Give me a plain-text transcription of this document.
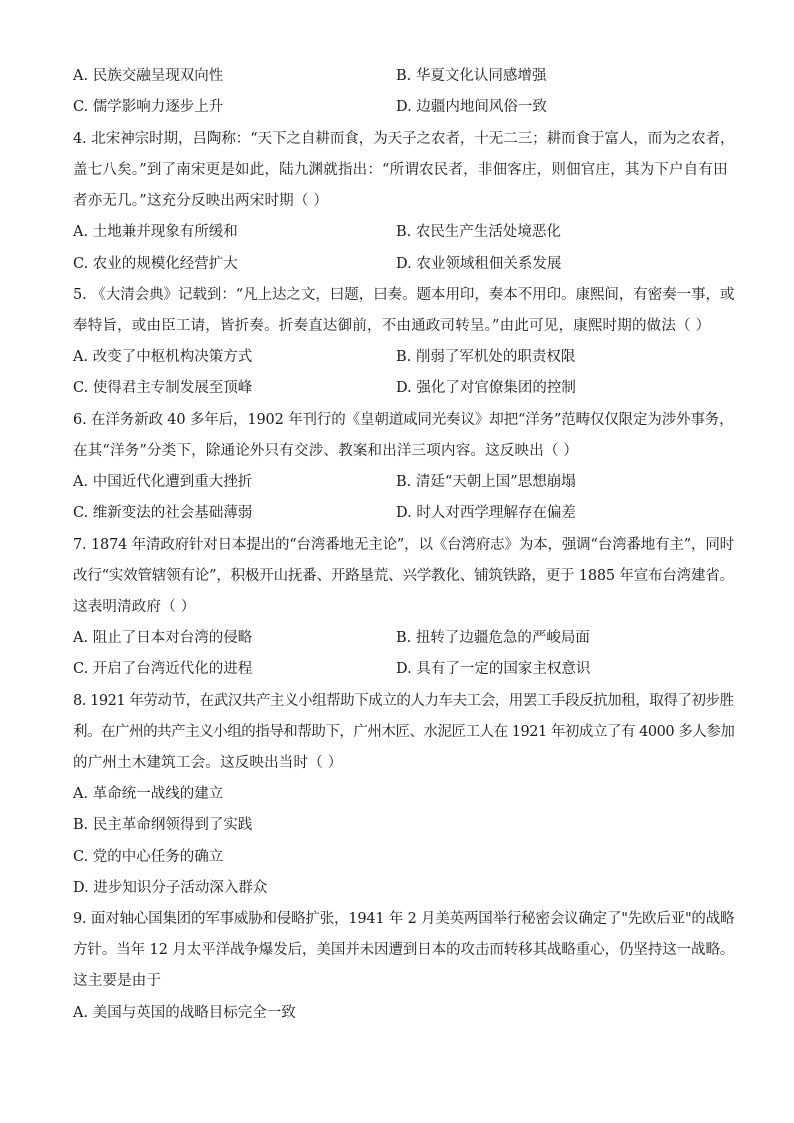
A. 民族交融呈现双向性	B. 华夏文化认同感增强
C. 儒学影响力逐步上升	D. 边疆内地间风俗一致
4. 北宋神宗时期，吕陶称：“天下之自耕而食，为天子之农者，十无二三；耕而食于富人，而为之农者，
盖七八矣。”到了南宋更是如此，陆九渊就指出：“所谓农民者，非佃客庄，则佃官庄，其为下户自有田
者亦无几。”这充分反映出两宋时期（ ）
A. 土地兼并现象有所缓和	B. 农民生产生活处境恶化
C. 农业的规模化经营扩大	D. 农业领域租佃关系发展
5. 《大清会典》记载到：“凡上达之文，曰题，曰奏。题本用印，奏本不用印。康熙间，有密奏一事，或
奉特旨，或由臣工请，皆折奏。折奏直达御前，不由通政司转呈。”由此可见，康熙时期的做法（ ）
A. 改变了中枢机构决策方式	B. 削弱了军机处的职责权限
C. 使得君主专制发展至顶峰	D. 强化了对官僚集团的控制
6. 在洋务新政 40 多年后，1902 年刊行的《皇朝道咸同光奏议》却把“洋务”范畴仅仅限定为涉外事务，
在其“洋务”分类下，除通论外只有交涉、教案和出洋三项内容。这反映出（ ）
A. 中国近代化遭到重大挫折	B. 清廷“天朝上国”思想崩塌
C. 维新变法的社会基础薄弱	D. 时人对西学理解存在偏差
7. 1874 年清政府针对日本提出的“台湾番地无主论”，以《台湾府志》为本，强调“台湾番地有主”，同时
改行“实效管辖领有论”，积极开山抚番、开路垦荒、兴学教化、铺筑铁路，更于 1885 年宣布台湾建省。
这表明清政府（ ）
A. 阻止了日本对台湾的侵略	B. 扭转了边疆危急的严峻局面
C. 开启了台湾近代化的进程	D. 具有了一定的国家主权意识
8. 1921 年劳动节，在武汉共产主义小组帮助下成立的人力车夫工会，用罢工手段反抗加租，取得了初步胜
利。在广州的共产主义小组的指导和帮助下，广州木匠、水泥匠工人在 1921 年初成立了有 4000 多人参加
的广州土木建筑工会。这反映出当时（ ）
A. 革命统一战线的建立
B. 民主革命纲领得到了实践
C. 党的中心任务的确立
D. 进步知识分子活动深入群众
9. 面对轴心国集团的军事威胁和侵略扩张，1941 年 2 月美英两国举行秘密会议确定了"先欧后亚"的战略
方针。当年 12 月太平洋战争爆发后，美国并未因遭到日本的攻击而转移其战略重心，仍坚持这一战略。
这主要是由于
A. 美国与英国的战略目标完全一致
